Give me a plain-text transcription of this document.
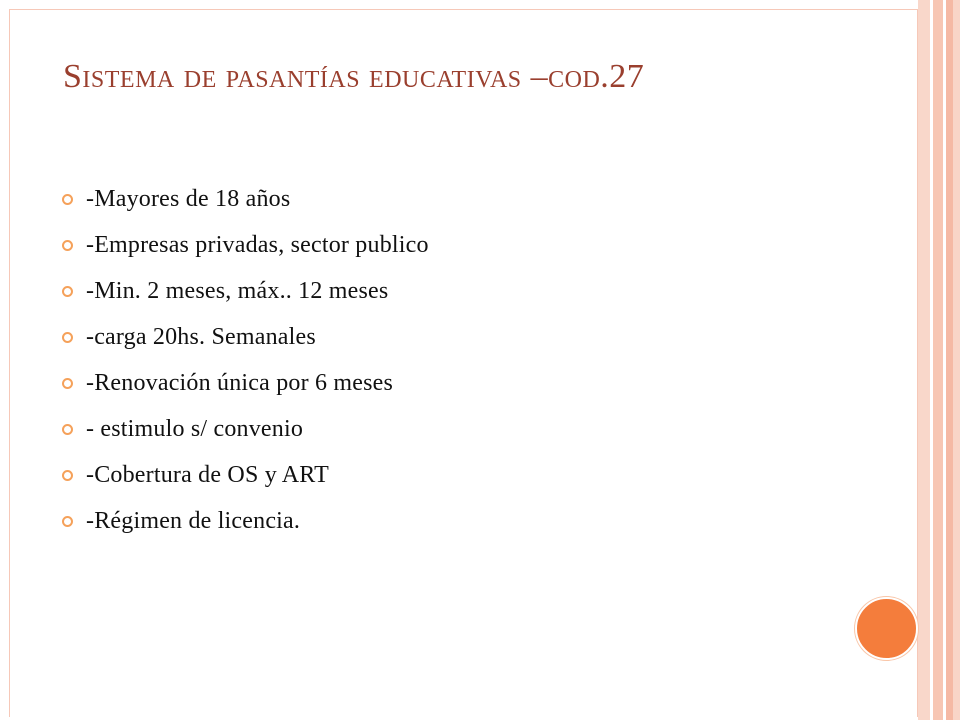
Sistema de pasantías educativas –cod.27
-Mayores de 18 años
-Empresas privadas, sector publico
-Min. 2 meses, máx.. 12 meses
-carga 20hs. Semanales
-Renovación única por 6 meses
- estimulo s/ convenio
-Cobertura de OS y ART
-Régimen de licencia.
